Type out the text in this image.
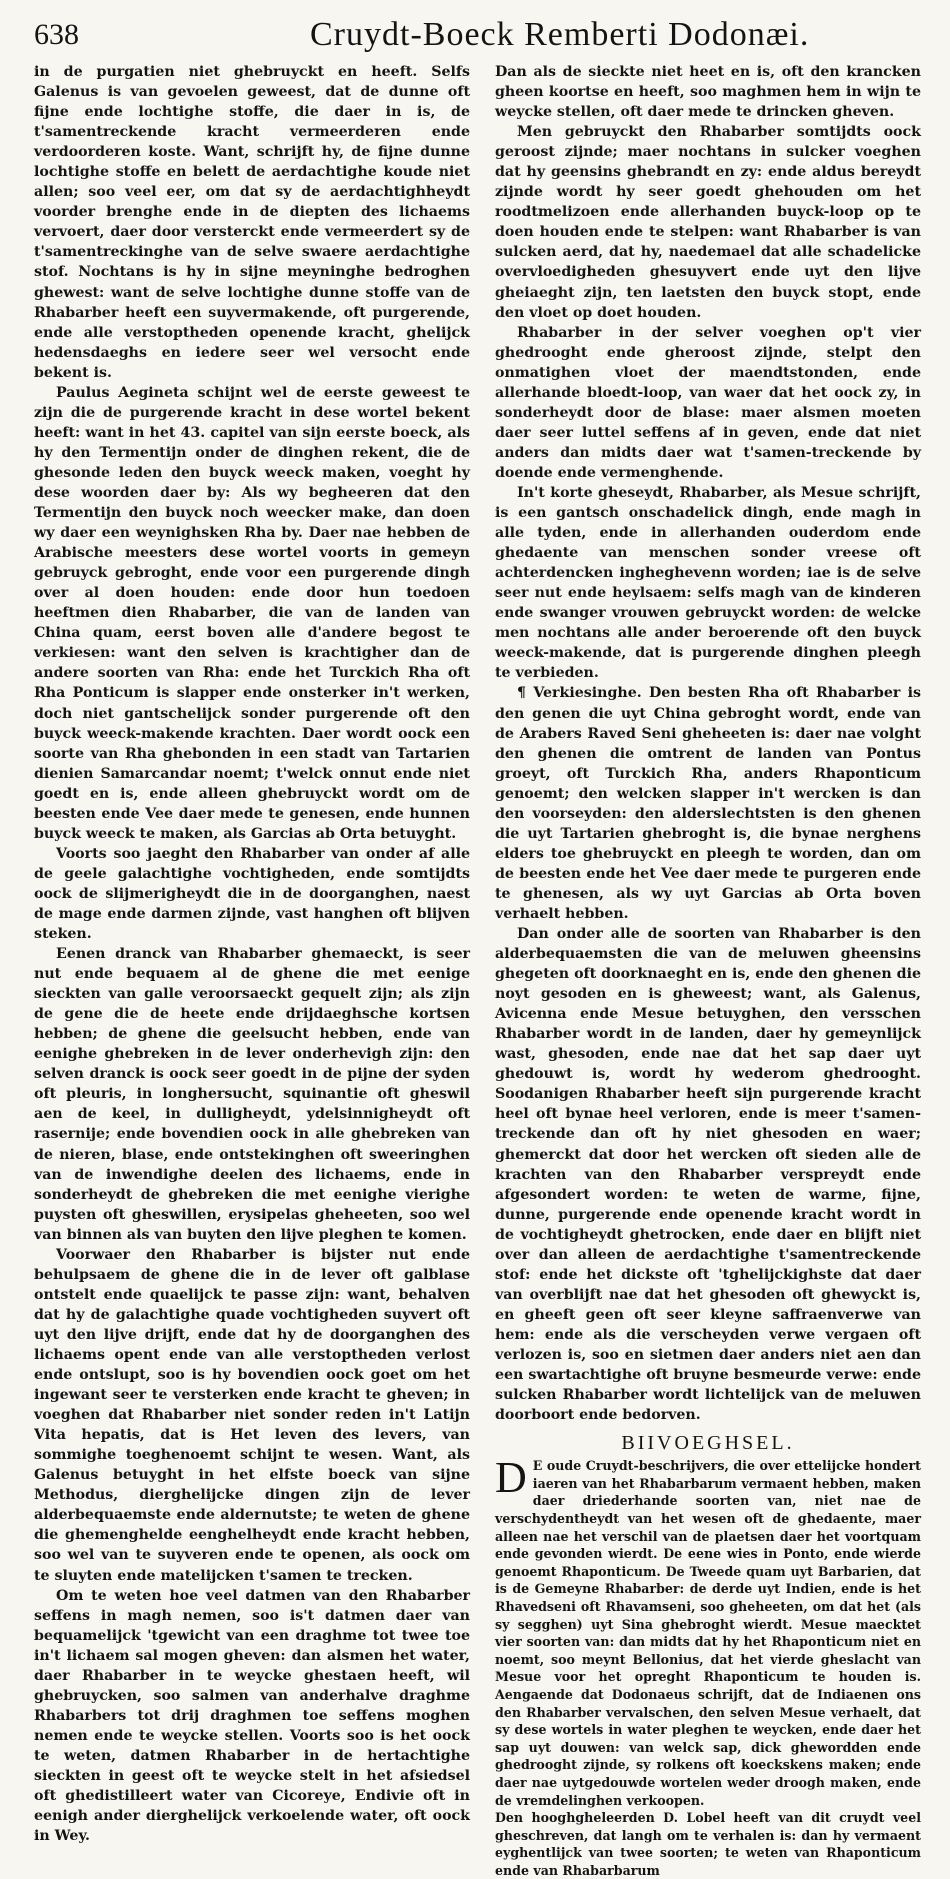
638	Cruydt-Boeck Remberti Dodonæi.

in de purgatien niet ghebruyckt en heeft. Selfs Galenus is van gevoelen geweest, dat de dunne oft fijne ende lochtighe stoffe, die daer in is, de t'samentreckende kracht vermeerderen ende verdoorderen koste. Want, schrijft hy, de fijne dunne lochtighe stoffe en belett de aerdachtighe koude niet allen; soo veel eer, om dat sy de aerdachtighheydt voorder brenghe ende in de diepten des lichaems vervoert, daer door versterckt ende vermeerdert sy de t'samentreckinghe van de selve swaere aerdachtighe stof. Nochtans is hy in sijne meyninghe bedroghen ghewest: want de selve lochtighe dunne stoffe van de Rhabarber heeft een suyvermakende, oft purgerende, ende alle verstoptheden openende kracht, ghelijck hedensdaeghs en iedere seer wel versocht ende bekent is.

Paulus Aegineta schijnt wel de eerste geweest te zijn die de purgerende kracht in dese wortel bekent heeft: want in het 43. capitel van sijn eerste boeck, als hy den Termentijn onder de dinghen rekent, die de ghesonde leden den buyck weeck maken, voeght hy dese woorden daer by: Als wy begheeren dat den Termentijn den buyck noch weecker make, dan doen wy daer een weynighsken Rha by. Daer nae hebben de Arabische meesters dese wortel voorts in gemeyn gebruyck gebroght, ende voor een purgerende dingh over al doen houden: ende door hun toedoen heeftmen dien Rhabarber, die van de landen van China quam, eerst boven alle d'andere begost te verkiesen: want den selven is krachtigher dan de andere soorten van Rha: ende het Turckich Rha oft Rha Ponticum is slapper ende onsterker in't werken, doch niet gantschelijck sonder purgerende oft den buyck weeck-makende krachten. Daer wordt oock een soorte van Rha ghebonden in een stadt van Tartarien dienien Samarcandar noemt; t'welck onnut ende niet goedt en is, ende alleen ghebruyckt wordt om de beesten ende Vee daer mede te genesen, ende hunnen buyck weeck te maken, als Garcias ab Orta betuyght.

Voorts soo jaeght den Rhabarber van onder af alle de geele galachtighe vochtigheden, ende somtijdts oock de slijmerigheydt die in de doorganghen, naest de mage ende darmen zijnde, vast hanghen oft blijven steken.

Eenen dranck van Rhabarber ghemaeckt, is seer nut ende bequaem al de ghene die met eenige sieckten van galle veroorsaeckt gequelt zijn; als zijn de gene die de heete ende drijdaeghsche kortsen hebben; de ghene die geelsucht hebben, ende van eenighe ghebreken in de lever onderhevigh zijn: den selven dranck is oock seer goedt in de pijne der syden oft pleuris, in longhersucht, squinantie oft gheswil aen de keel, in dulligheydt, ydelsinnigheydt oft rasernije; ende bovendien oock in alle ghebreken van de nieren, blase, ende ontstekinghen oft sweeringhen van de inwendighe deelen des lichaems, ende in sonderheydt de ghebreken die met eenighe vierighe puysten oft gheswillen, erysipelas gheheeten, soo wel van binnen als van buyten den lijve pleghen te komen.

Voorwaer den Rhabarber is bijster nut ende behulpsaem de ghene die in de lever oft galblase ontstelt ende quaelijck te passe zijn: want, behalven dat hy de galachtighe quade vochtigheden suyvert oft uyt den lijve drijft, ende dat hy de doorganghen des lichaems opent ende van alle verstoptheden verlost ende ontslupt, soo is hy bovendien oock goet om het ingewant seer te versterken ende kracht te gheven; in voeghen dat Rhabarber niet sonder reden in't Latijn Vita hepatis, dat is Het leven des levers, van sommighe toeghenoemt schijnt te wesen. Want, als Galenus betuyght in het elfste boeck van sijne Methodus, dierghelijcke dingen zijn de lever alderbequaemste ende aldernutste; te weten de ghene die ghemenghelde eenghelheydt ende kracht hebben, soo wel van te suyveren ende te openen, als oock om te sluyten ende matelijcken t'samen te trecken.

Om te weten hoe veel datmen van den Rhabarber seffens in magh nemen, soo is't datmen daer van bequamelijck 'tgewicht van een draghme tot twee toe in't lichaem sal mogen gheven: dan alsmen het water, daer Rhabarber in te weycke ghestaen heeft, wil ghebruycken, soo salmen van anderhalve draghme Rhabarbers tot drij draghmen toe seffens moghen nemen ende te weycke stellen. Voorts soo is het oock te weten, datmen Rhabarber in de hertachtighe sieckten in geest oft te weycke stelt in het afsiedsel oft ghedistilleert water van Cicoreye, Endivie oft in eenigh ander dierghelijck verkoelende water, oft oock in Wey.

Dan als de sieckte niet heet en is, oft den krancken gheen koortse en heeft, soo maghmen hem in wijn te weycke stellen, oft daer mede te drincken gheven.

Men gebruyckt den Rhabarber somtijdts oock geroost zijnde; maer nochtans in sulcker voeghen dat hy geensins ghebrandt en zy: ende aldus bereydt zijnde wordt hy seer goedt ghehouden om het roodtmelizoen ende allerhanden buyck-loop op te doen houden ende te stelpen: want Rhabarber is van sulcken aerd, dat hy, naedemael dat alle schadelicke overvloedigheden ghesuyvert ende uyt den lijve gheiaeght zijn, ten laetsten den buyck stopt, ende den vloet op doet houden.

Rhabarber in der selver voeghen op't vier ghedrooght ende gheroost zijnde, stelpt den onmatighen vloet der maendtstonden, ende allerhande bloedt-loop, van waer dat het oock zy, in sonderheydt door de blase: maer alsmen moeten daer seer luttel seffens af in geven, ende dat niet anders dan midts daer wat t'samen-treckende by doende ende vermenghende.

In't korte gheseydt, Rhabarber, als Mesue schrijft, is een gantsch onschadelick dingh, ende magh in alle tyden, ende in allerhanden ouderdom ende ghedaente van menschen sonder vreese oft achterdencken ingheghevenn worden; iae is de selve seer nut ende heylsaem: selfs magh van de kinderen ende swanger vrouwen gebruyckt worden: de welcke men nochtans alle ander beroerende oft den buyck weeck-makende, dat is purgerende dinghen pleegh te verbieden.

¶ Verkiesinghe. Den besten Rha oft Rhabarber is den genen die uyt China gebroght wordt, ende van de Arabers Raved Seni gheheeten is: daer nae volght den ghenen die omtrent de landen van Pontus groeyt, oft Turckich Rha, anders Rhaponticum genoemt; den welcken slapper in't wercken is dan den voorseyden: den alderslechtsten is den ghenen die uyt Tartarien ghebroght is, die bynae nerghens elders toe ghebruyckt en pleegh te worden, dan om de beesten ende het Vee daer mede te purgeren ende te ghenesen, als wy uyt Garcias ab Orta boven verhaelt hebben.

Dan onder alle de soorten van Rhabarber is den alderbequaemsten die van de meluwen gheensins ghegeten oft doorknaeght en is, ende den ghenen die noyt gesoden en is gheweest; want, als Galenus, Avicenna ende Mesue betuyghen, den versschen Rhabarber wordt in de landen, daer hy gemeynlijck wast, ghesoden, ende nae dat het sap daer uyt ghedouwt is, wordt hy wederom ghedrooght. Soodanigen Rhabarber heeft sijn purgerende kracht heel oft bynae heel verloren, ende is meer t'samen-treckende dan oft hy niet ghesoden en waer; ghemerckt dat door het wercken oft sieden alle de krachten van den Rhabarber verspreydt ende afgesondert worden: te weten de warme, fijne, dunne, purgerende ende openende kracht wordt in de vochtigheydt ghetrocken, ende daer en blijft niet over dan alleen de aerdachtighe t'samentreckende stof: ende het dickste oft 'tghelijckighste dat daer van overblijft nae dat het ghesoden oft ghewyckt is, en gheeft geen oft seer kleyne saffraenverwe van hem: ende als die verscheyden verwe vergaen oft verlozen is, soo en sietmen daer anders niet aen dan een swartachtighe oft bruyne besmeurde verwe: ende sulcken Rhabarber wordt lichtelijck van de meluwen doorboort ende bedorven.

BIIVOEGHSEL.

D E oude Cruydt-beschrijvers, die over ettelijcke hondert iaeren van het Rhabarbarum vermaent hebben, maken daer driederhande soorten van, niet nae de verschydentheydt van het wesen oft de ghedaente, maer alleen nae het verschil van de plaetsen daer het voortquam ende gevonden wierdt. De eene wies in Ponto, ende wierde genoemt Rhaponticum. De Tweede quam uyt Barbarien, dat is de Gemeyne Rhabarber: de derde uyt Indien, ende is het Rhavedseni oft Rhavamseni, soo gheheeten, om dat het (als sy segghen) uyt Sina ghebroght wierdt. Mesue maecktet vier soorten van: dan midts dat hy het Rhaponticum niet en noemt, soo meynt Bellonius, dat het vierde gheslacht van Mesue voor het opreght Rhaponticum te houden is. Aengaende dat Dodonaeus schrijft, dat de Indiaenen ons den Rhabarber vervalschen, den selven Mesue verhaelt, dat sy dese wortels in water pleghen te weycken, ende daer het sap uyt douwen: van welck sap, dick ghewordden ende ghedrooght zijnde, sy rolkens oft koeckskens maken; ende daer nae uytgedouwde wortelen weder droogh maken, ende de vremdelinghen verkoopen.

Den hooghgheleerden D. Lobel heeft van dit cruydt veel gheschreven, dat langh om te verhalen is: dan hy vermaent eyghentlijck van twee soorten; te weten van Rhaponticum ende van Rhabarbarum
